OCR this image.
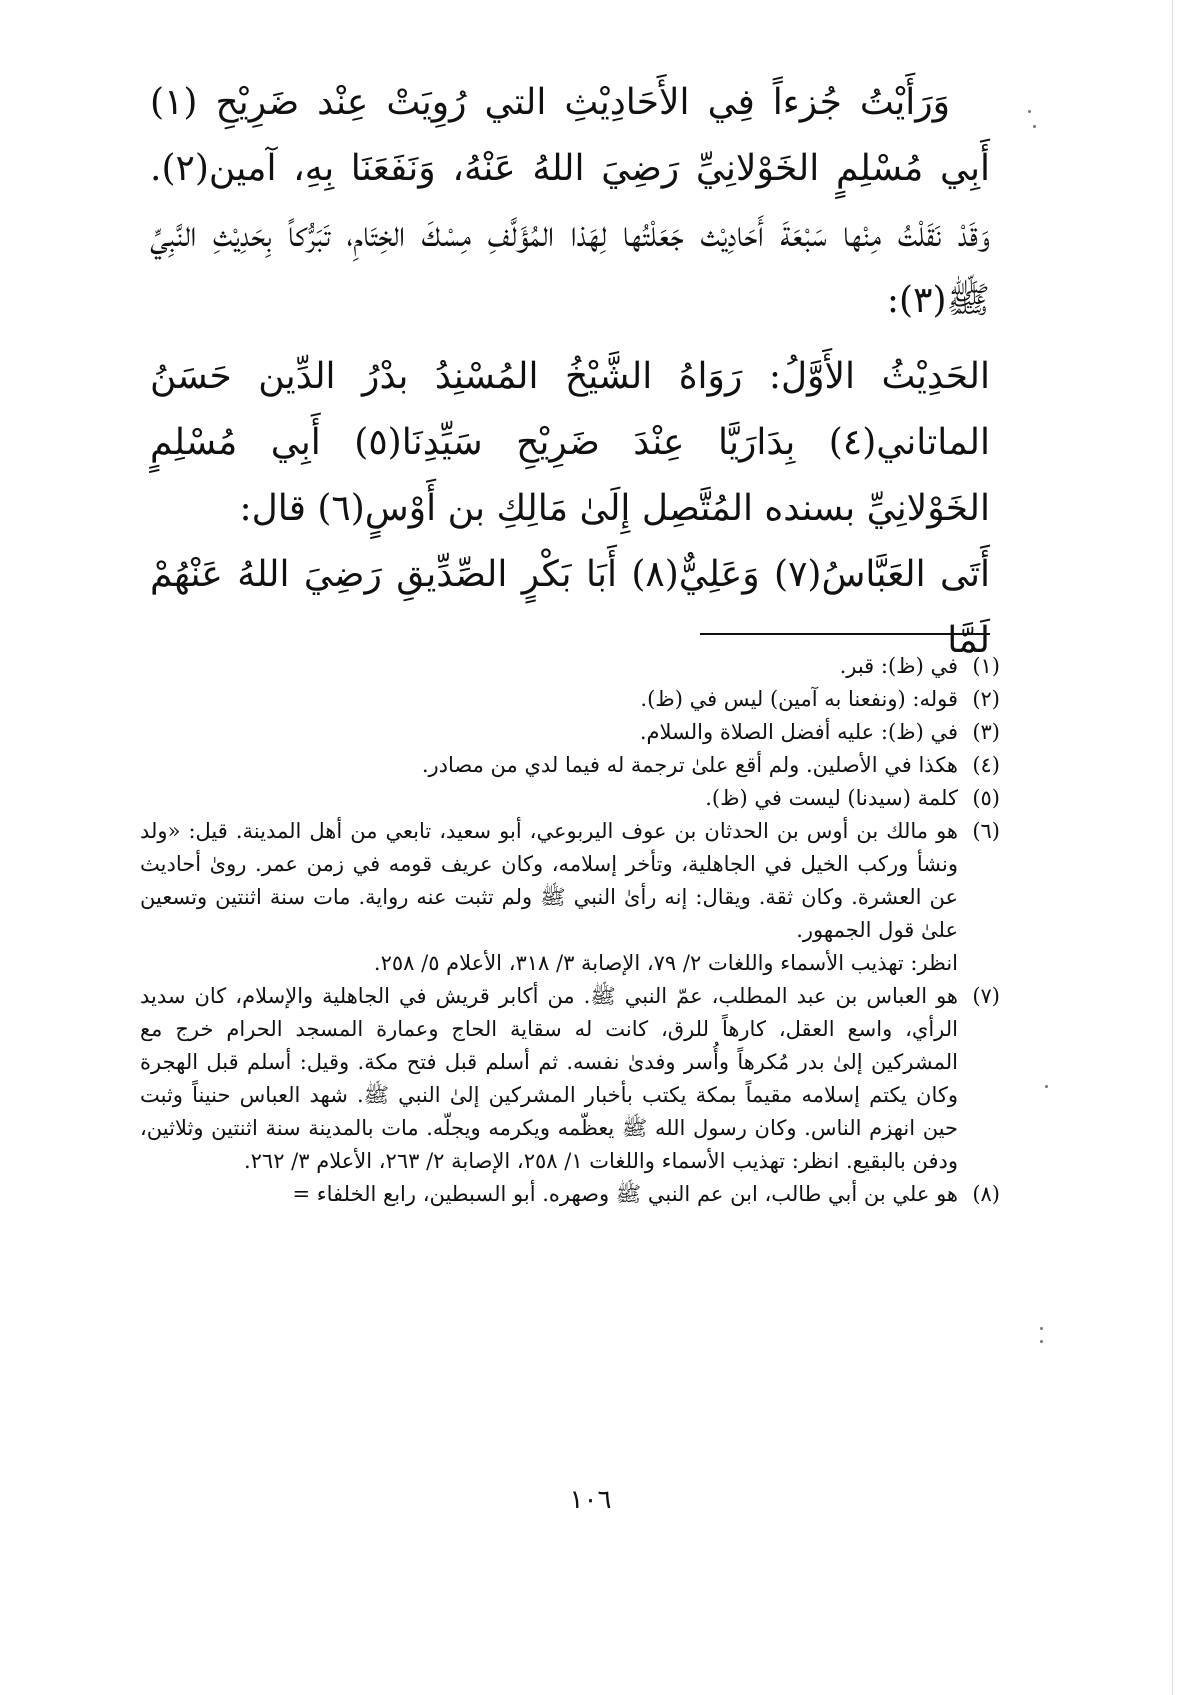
وَرَأَيْتُ جُزءاً فِي الأَحَادِيْثِ التي رُوِيَتْ عِنْد ضَرِيْحِ (١) أَبِي مُسْلِمٍ الخَوْلانِيِّ رَضِيَ اللهُ عَنْهُ، وَنَفَعَنَا بِهِ، آمين(٢). وَقَدْ نَقَلْتُ مِنْها سَبْعَةَ أَحَادِيْث جَعَلْتُها لِهَذا المُؤَلَّفِ مِسْكَ الخِتَامِ، تَبَرُّكاً بِحَدِيْثِ النَّبِيِّ ﷺ(٣):

الحَدِيْثُ الأَوَّلُ: رَوَاهُ الشَّيْخُ المُسْنِدُ بدْرُ الدِّين حَسَنُ الماتاني(٤) بِدَارَيَّا عِنْدَ ضَرِيْحِ سَيِّدِنَا(٥) أَبِي مُسْلِمٍ الخَوْلانِيِّ بسنده المُتَّصِل إِلَىٰ مَالِكِ بن أَوْسٍ(٦) قال:

أَتَى العَبَّاسُ(٧) وَعَلِيٌّ(٨) أَبَا بَكْرٍ الصِّدِّيقِ رَضِيَ اللهُ عَنْهُمْ لَمَّا

(١)
في (ظ): قبر.
(٢)
قوله: (ونفعنا به آمين) ليس في (ظ).
(٣)
في (ظ): عليه أفضل الصلاة والسلام.
(٤)
هكذا في الأصلين. ولم أقع علىٰ ترجمة له فيما لدي من مصادر.
(٥)
كلمة (سيدنا) ليست في (ظ).
(٦)
هو مالك بن أوس بن الحدثان بن عوف اليربوعي، أبو سعيد، تابعي من أهل المدينة. قيل: «ولد ونشأ وركب الخيل في الجاهلية، وتأخر إسلامه، وكان عريف قومه في زمن عمر. روىٰ أحاديث عن العشرة. وكان ثقة. ويقال: إنه رأىٰ النبي ﷺ ولم تثبت عنه رواية. مات سنة اثنتين وتسعين علىٰ قول الجمهور.
انظر: تهذيب الأسماء واللغات ٢/ ٧٩، الإصابة ٣/ ٣١٨، الأعلام ٥/ ٢٥٨.
(٧)
هو العباس بن عبد المطلب، عمّ النبي ﷺ. من أكابر قريش في الجاهلية والإسلام، كان سديد الرأي، واسع العقل، كارهاً للرق، كانت له سقاية الحاج وعمارة المسجد الحرام خرج مع المشركين إلىٰ بدر مُكرهاً وأُسر وفدىٰ نفسه. ثم أسلم قبل فتح مكة. وقيل: أسلم قبل الهجرة وكان يكتم إسلامه مقيماً بمكة يكتب بأخبار المشركين إلىٰ النبي ﷺ. شهد العباس حنيناً وثبت حين انهزم الناس. وكان رسول الله ﷺ يعظّمه ويكرمه ويجلّه. مات بالمدينة سنة اثنتين وثلاثين، ودفن بالبقيع. انظر: تهذيب الأسماء واللغات ١/ ٢٥٨، الإصابة ٢/ ٢٦٣، الأعلام ٣/ ٢٦٢.
(٨)
هو علي بن أبي طالب، ابن عم النبي ﷺ وصهره. أبو السبطين، رابع الخلفاء =
١٠٦
